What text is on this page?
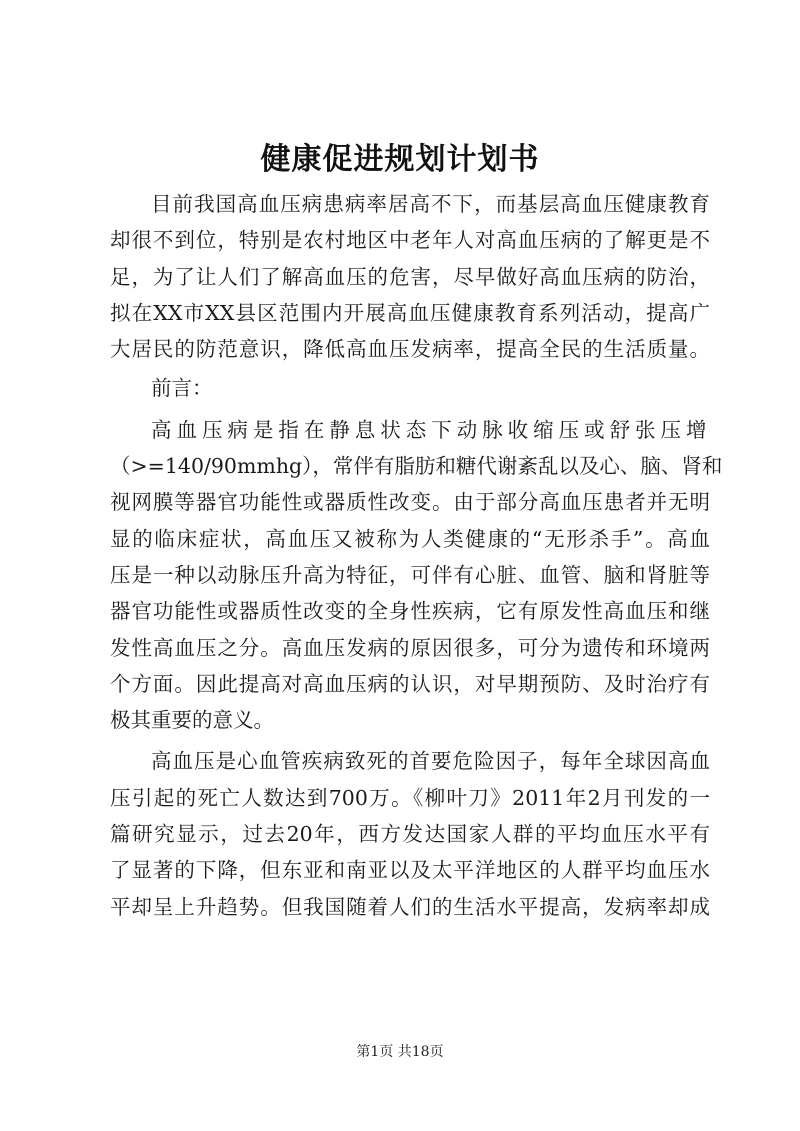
健康促进规划计划书
目前我国高血压病患病率居高不下，而基层高血压健康教育
却很不到位，特别是农村地区中老年人对高血压病的了解更是不
足，为了让人们了解高血压的危害，尽早做好高血压病的防治，
拟在XX市XX县区范围内开展高血压健康教育系列活动，提高广
大居民的防范意识，降低高血压发病率，提高全民的生活质量。
前言：
高血压病是指在静息状态下动脉收缩压或舒张压增
（>=140/90mmhg），常伴有脂肪和糖代谢紊乱以及心、脑、肾和
视网膜等器官功能性或器质性改变。由于部分高血压患者并无明
显的临床症状，高血压又被称为人类健康的“无形杀手”。高血
压是一种以动脉压升高为特征，可伴有心脏、血管、脑和肾脏等
器官功能性或器质性改变的全身性疾病，它有原发性高血压和继
发性高血压之分。高血压发病的原因很多，可分为遗传和环境两
个方面。因此提高对高血压病的认识，对早期预防、及时治疗有
极其重要的意义。
高血压是心血管疾病致死的首要危险因子，每年全球因高血
压引起的死亡人数达到700万。《柳叶刀》2011年2月刊发的一
篇研究显示，过去20年，西方发达国家人群的平均血压水平有
了显著的下降，但东亚和南亚以及太平洋地区的人群平均血压水
平却呈上升趋势。但我国随着人们的生活水平提高，发病率却成
第1页 共18页
